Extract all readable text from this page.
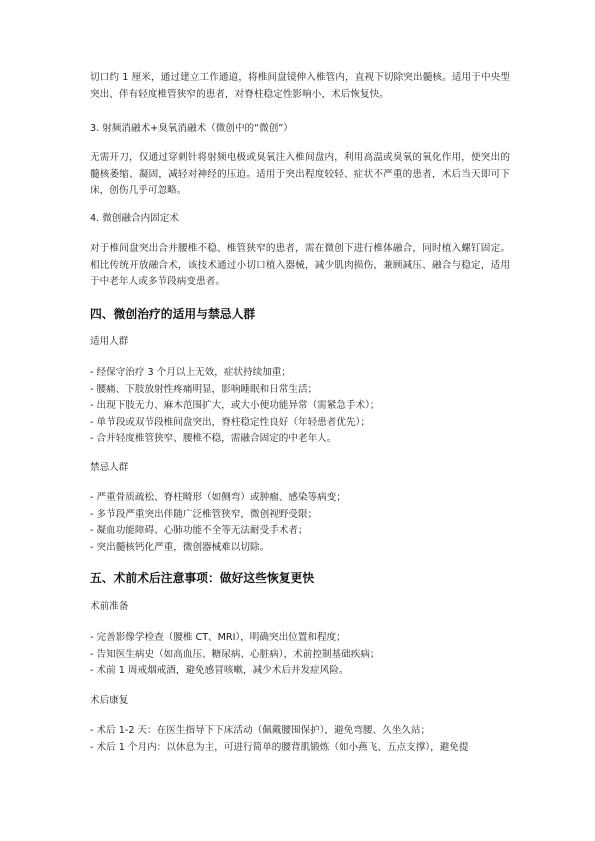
切口约 1 厘米，通过建立工作通道，将椎间盘镜伸入椎管内，直视下切除突出髓核。适用于中央型突出、伴有轻度椎管狭窄的患者，对脊柱稳定性影响小，术后恢复快。

3. 射频消融术+臭氧消融术（微创中的“微创”）

无需开刀，仅通过穿刺针将射频电极或臭氧注入椎间盘内，利用高温或臭氧的氧化作用，使突出的髓核萎缩、凝固，减轻对神经的压迫。适用于突出程度较轻、症状不严重的患者，术后当天即可下床，创伤几乎可忽略。

4. 微创融合内固定术

对于椎间盘突出合并腰椎不稳、椎管狭窄的患者，需在微创下进行椎体融合，同时植入螺钉固定。相比传统开放融合术，该技术通过小切口植入器械，减少肌肉损伤，兼顾减压、融合与稳定，适用于中老年人或多节段病变患者。

四、微创治疗的适用与禁忌人群
适用人群
- 经保守治疗 3 个月以上无效，症状持续加重；
- 腰痛、下肢放射性疼痛明显，影响睡眠和日常生活；
- 出现下肢无力、麻木范围扩大，或大小便功能异常（需紧急手术）；
- 单节段或双节段椎间盘突出，脊柱稳定性良好（年轻患者优先）；
- 合并轻度椎管狭窄、腰椎不稳，需融合固定的中老年人。
禁忌人群
- 严重骨质疏松、脊柱畸形（如侧弯）或肿瘤、感染等病变；
- 多节段严重突出伴随广泛椎管狭窄，微创视野受限；
- 凝血功能障碍、心肺功能不全等无法耐受手术者；
- 突出髓核钙化严重，微创器械难以切除。
五、术前术后注意事项：做好这些恢复更快
术前准备
- 完善影像学检查（腰椎 CT、MRI），明确突出位置和程度；
- 告知医生病史（如高血压、糖尿病、心脏病），术前控制基础疾病；
- 术前 1 周戒烟戒酒，避免感冒咳嗽，减少术后并发症风险。
术后康复
- 术后 1-2 天：在医生指导下下床活动（佩戴腰围保护），避免弯腰、久坐久站；
- 术后 1 个月内：以休息为主，可进行简单的腰背肌锻炼（如小燕飞、五点支撑），避免提
